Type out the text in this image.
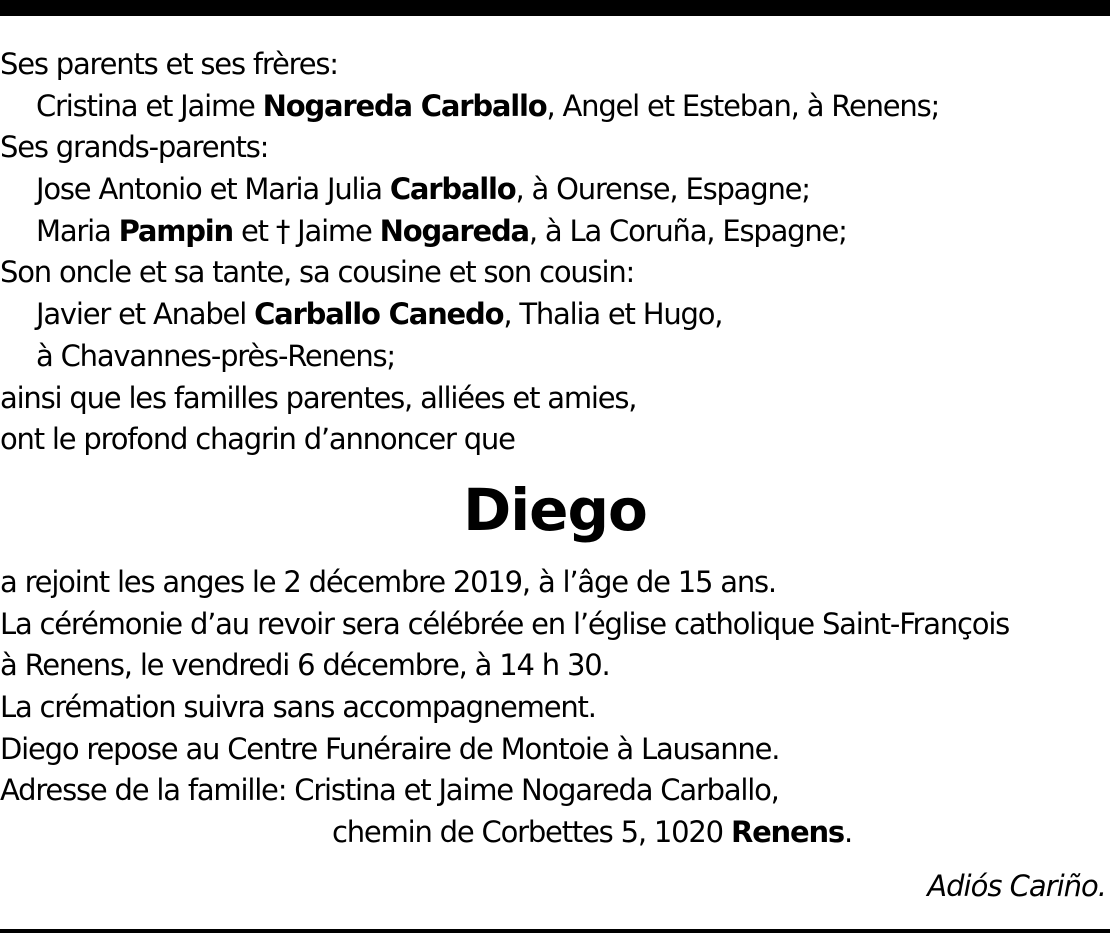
Ses parents et ses frères:
Cristina et Jaime Nogareda Carballo, Angel et Esteban, à Renens;
Ses grands-parents:
Jose Antonio et Maria Julia Carballo, à Ourense, Espagne;
Maria Pampin et † Jaime Nogareda, à La Coruña, Espagne;
Son oncle et sa tante, sa cousine et son cousin:
Javier et Anabel Carballo Canedo, Thalia et Hugo,
à Chavannes-près-Renens;
ainsi que les familles parentes, alliées et amies,
ont le profond chagrin d’annoncer que
Diego
a rejoint les anges le 2 décembre 2019, à l’âge de 15 ans.
La cérémonie d’au revoir sera célébrée en l’église catholique Saint-François
à Renens, le vendredi 6 décembre, à 14 h 30.
La crémation suivra sans accompagnement.
Diego repose au Centre Funéraire de Montoie à Lausanne.
Adresse de la famille: Cristina et Jaime Nogareda Carballo,
chemin de Corbettes 5, 1020 Renens.
Adiós Cariño.
